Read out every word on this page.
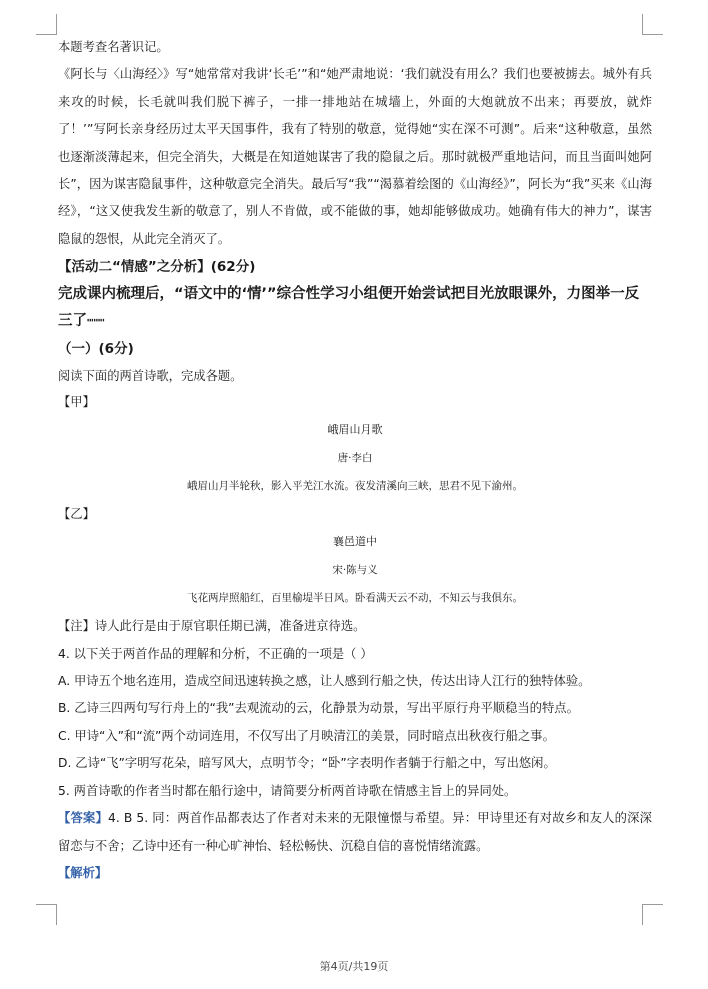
本题考查名著识记。

《阿长与〈山海经〉》写“她常常对我讲‘长毛’”和“她严肃地说：‘我们就没有用么？我们也要被掳去。城外有兵来攻的时候，长毛就叫我们脱下裤子，一排一排地站在城墙上，外面的大炮就放不出来；再要放，就炸了！’”写阿长亲身经历过太平天国事件，我有了特别的敬意，觉得她“实在深不可测”。后来“这种敬意，虽然也逐渐淡薄起来，但完全消失，大概是在知道她谋害了我的隐鼠之后。那时就极严重地诘问，而且当面叫她阿长”，因为谋害隐鼠事件，这种敬意完全消失。最后写“我”“渴慕着绘图的《山海经》”，阿长为“我”买来《山海经》，“这又使我发生新的敬意了，别人不肯做，或不能做的事，她却能够做成功。她确有伟大的神力”，谋害隐鼠的怨恨，从此完全消灭了。

【活动二“情感”之分析】(62分)

完成课内梳理后，“语文中的‘情’”综合性学习小组便开始尝试把目光放眼课外，力图举一反三了┉┉

（一）(6分)

阅读下面的两首诗歌，完成各题。

【甲】

峨眉山月歌

唐·李白

峨眉山月半轮秋，影入平羌江水流。夜发清溪向三峡，思君不见下渝州。

【乙】

襄邑道中

宋·陈与义

飞花两岸照船红，百里榆堤半日风。卧看满天云不动，不知云与我俱东。

【注】诗人此行是由于原官职任期已满，准备进京待选。

4. 以下关于两首作品的理解和分析，不正确的一项是（ ）

A. 甲诗五个地名连用，造成空间迅速转换之感，让人感到行船之快，传达出诗人江行的独特体验。

B. 乙诗三四两句写行舟上的“我”去观流动的云，化静景为动景，写出平原行舟平顺稳当的特点。

C. 甲诗“入”和“流”两个动词连用，不仅写出了月映清江的美景，同时暗点出秋夜行船之事。

D. 乙诗“飞”字明写花朵，暗写风大，点明节令；“卧”字表明作者躺于行船之中，写出悠闲。

5. 两首诗歌的作者当时都在船行途中，请简要分析两首诗歌在情感主旨上的异同处。

【答案】4. B 5. 同：两首作品都表达了作者对未来的无限憧憬与希望。异：甲诗里还有对故乡和友人的深深留恋与不舍；乙诗中还有一种心旷神怡、轻松畅快、沉稳自信的喜悦情绪流露。

【解析】

第4页/共19页
